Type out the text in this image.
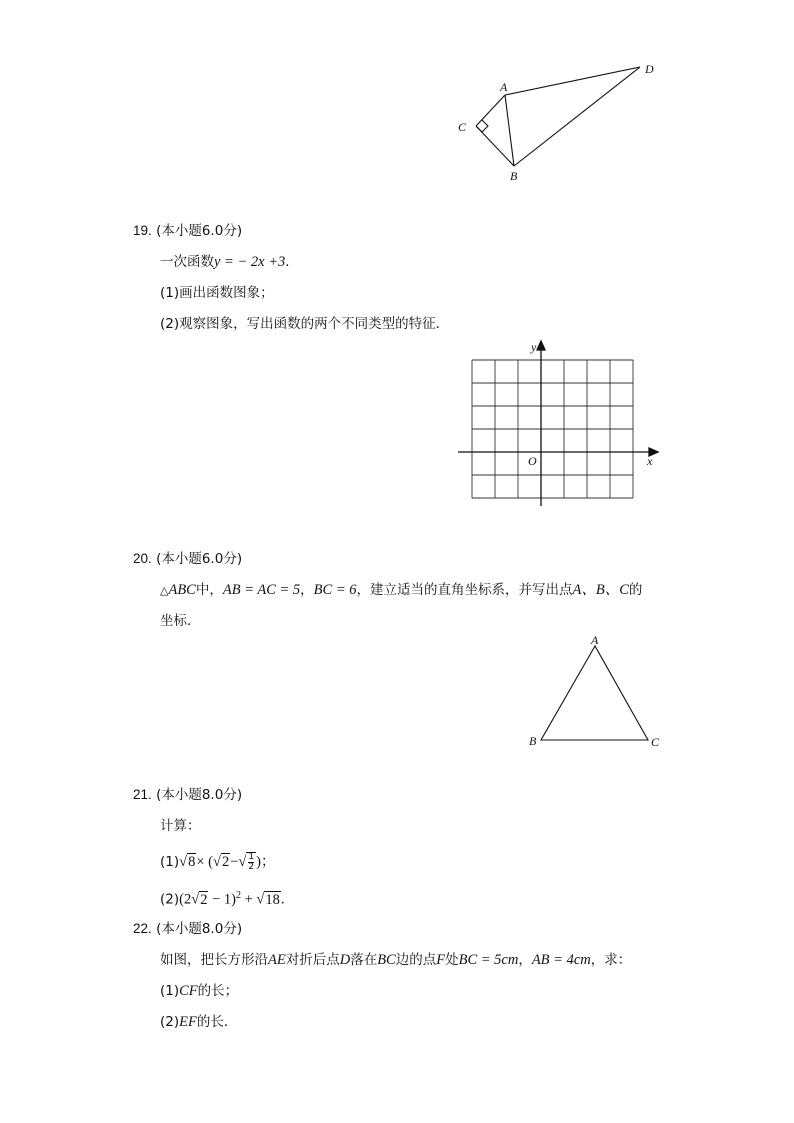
A
D
C
B
19. (本小题6.0分)
一次函数y = − 2x +3.
(1)画出函数图象；
(2)观察图象，写出函数的两个不同类型的特征．
x
y
O
20. (本小题6.0分)
△ABC中，AB = AC = 5，BC = 6，建立适当的直角坐标系，并写出点A、B、C的
坐标．
A
B	C
21. (本小题8.0分)
计算：
$(1)√8\times (√2-√ \frac{1}{2}$ )；
$(2)(2√2 - 1)^2 + √18$.
22. (本小题8.0分)
如图，把长方形沿AE对折后点D落在BC边的点F处BC = 5cm，AB = 4cm，求：
(1)CF的长；
(2)EF的长．
